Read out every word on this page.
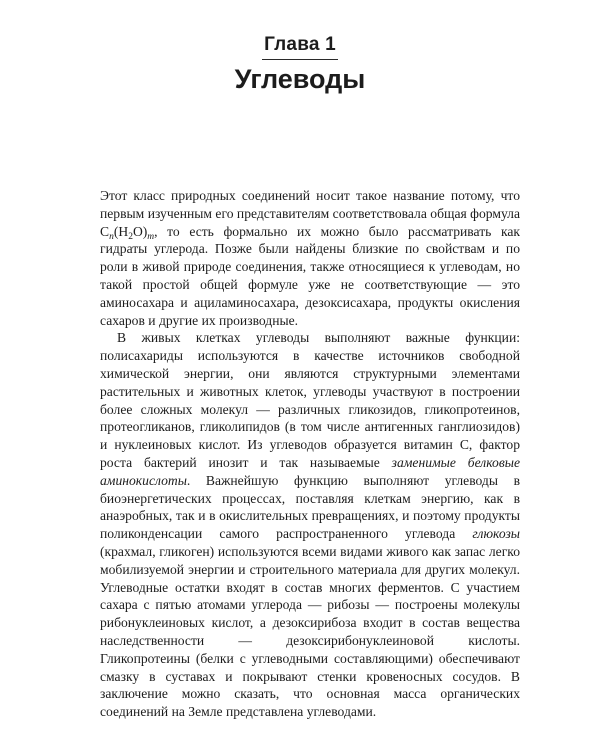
Глава 1
Углеводы

Этот класс природных соединений носит такое название потому, что первым изученным его представителям соответствовала общая формула $C_n(H_2O)_m$, то есть формально их можно было рассматривать как гидраты углерода. Позже были найдены близкие по свойствам и по роли в живой природе соединения, также относящиеся к углеводам, но такой простой общей формуле уже не соответствующие — это аминосахара и ациламиносахара, дезоксисахара, продукты окисления сахаров и другие их производные.

В живых клетках углеводы выполняют важные функции: полисахариды используются в качестве источников свободной химической энергии, они являются структурными элементами растительных и животных клеток, углеводы участвуют в построении более сложных молекул — различных гликозидов, гликопротеинов, протеогликанов, гликолипидов (в том числе антигенных ганглиозидов) и нуклеиновых кислот. Из углеводов образуется витамин С, фактор роста бактерий инозит и так называемые заменимые белковые аминокислоты. Важнейшую функцию выполняют углеводы в биоэнергетических процессах, поставляя клеткам энергию, как в анаэробных, так и в окислительных превращениях, и поэтому продукты поликонденсации самого распространенного углевода глюкозы (крахмал, гликоген) используются всеми видами живого как запас легко мобилизуемой энергии и строительного материала для других молекул. Углеводные остатки входят в состав многих ферментов. С участием сахара с пятью атомами углерода — рибозы — построены молекулы рибонуклеиновых кислот, а дезоксирибоза входит в состав вещества наследственности — дезоксирибонуклеиновой кислоты. Гликопротеины (белки с углеводными составляющими) обеспечивают смазку в суставах и покрывают стенки кровеносных сосудов. В заключение можно сказать, что основная масса органических соединений на Земле представлена углеводами.
